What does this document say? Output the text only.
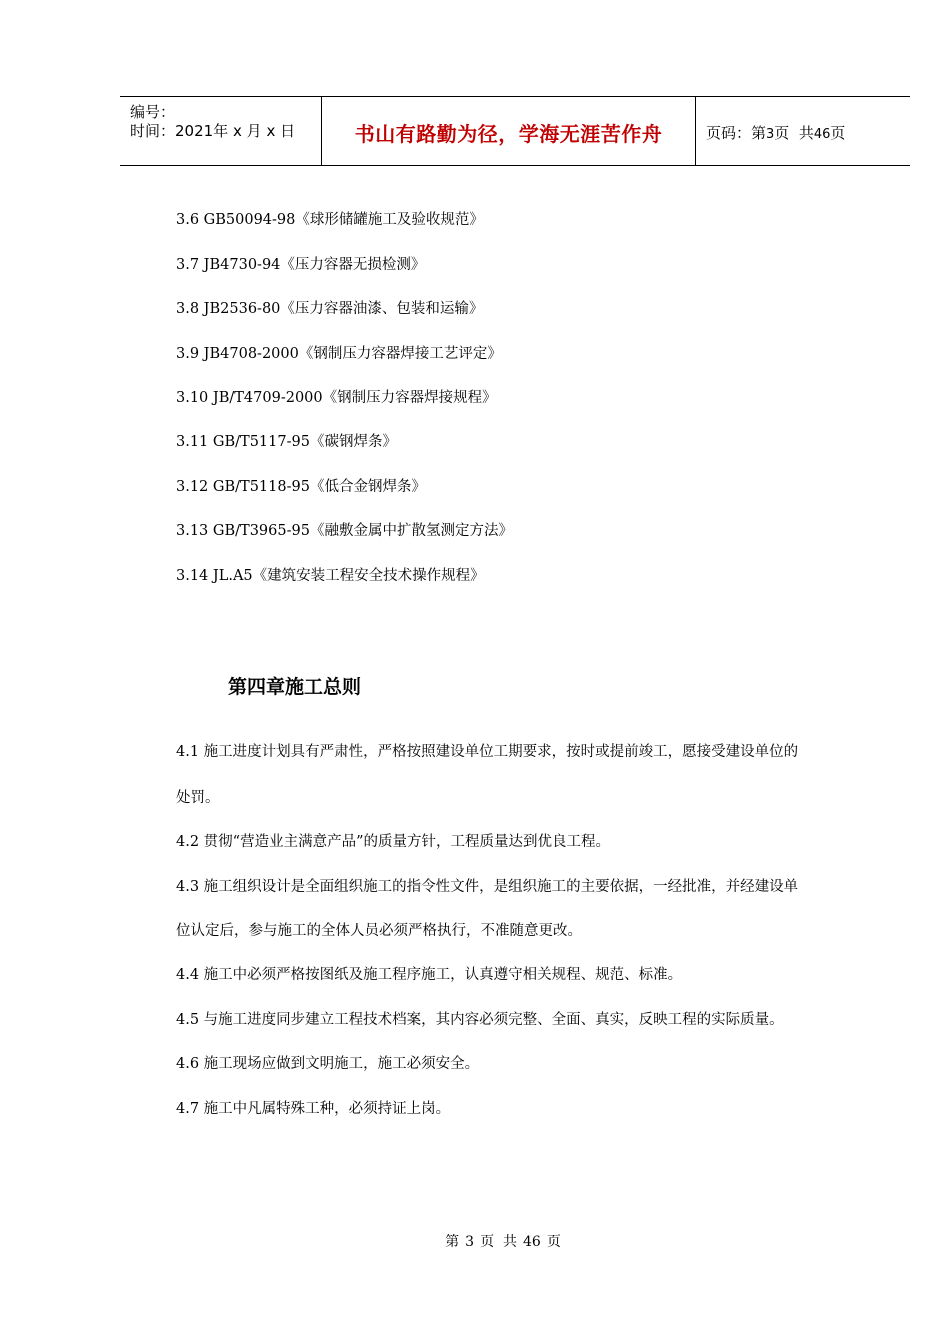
编号：
时间：2021年 x 月 x 日	书山有路勤为径，学海无涯苦作舟	页码：第3页  共46页
3.6 GB50094-98《球形储罐施工及验收规范》
3.7 JB4730-94《压力容器无损检测》
3.8 JB2536-80《压力容器油漆、包装和运输》
3.9 JB4708-2000《钢制压力容器焊接工艺评定》
3.10 JB/T4709-2000《钢制压力容器焊接规程》
3.11 GB/T5117-95《碳钢焊条》
3.12 GB/T5118-95《低合金钢焊条》
3.13 GB/T3965-95《融敷金属中扩散氢测定方法》
3.14 JL.A5《建筑安装工程安全技术操作规程》
第四章施工总则
4.1 施工进度计划具有严肃性，严格按照建设单位工期要求，按时或提前竣工，愿接受建设单位的
处罚。
4.2 贯彻“营造业主满意产品”的质量方针，工程质量达到优良工程。
4.3 施工组织设计是全面组织施工的指令性文件，是组织施工的主要依据，一经批准，并经建设单
位认定后，参与施工的全体人员必须严格执行，不准随意更改。
4.4 施工中必须严格按图纸及施工程序施工，认真遵守相关规程、规范、标准。
4.5 与施工进度同步建立工程技术档案，其内容必须完整、全面、真实，反映工程的实际质量。
4.6 施工现场应做到文明施工，施工必须安全。
4.7 施工中凡属特殊工种，必须持证上岗。
第 3 页  共 46 页
